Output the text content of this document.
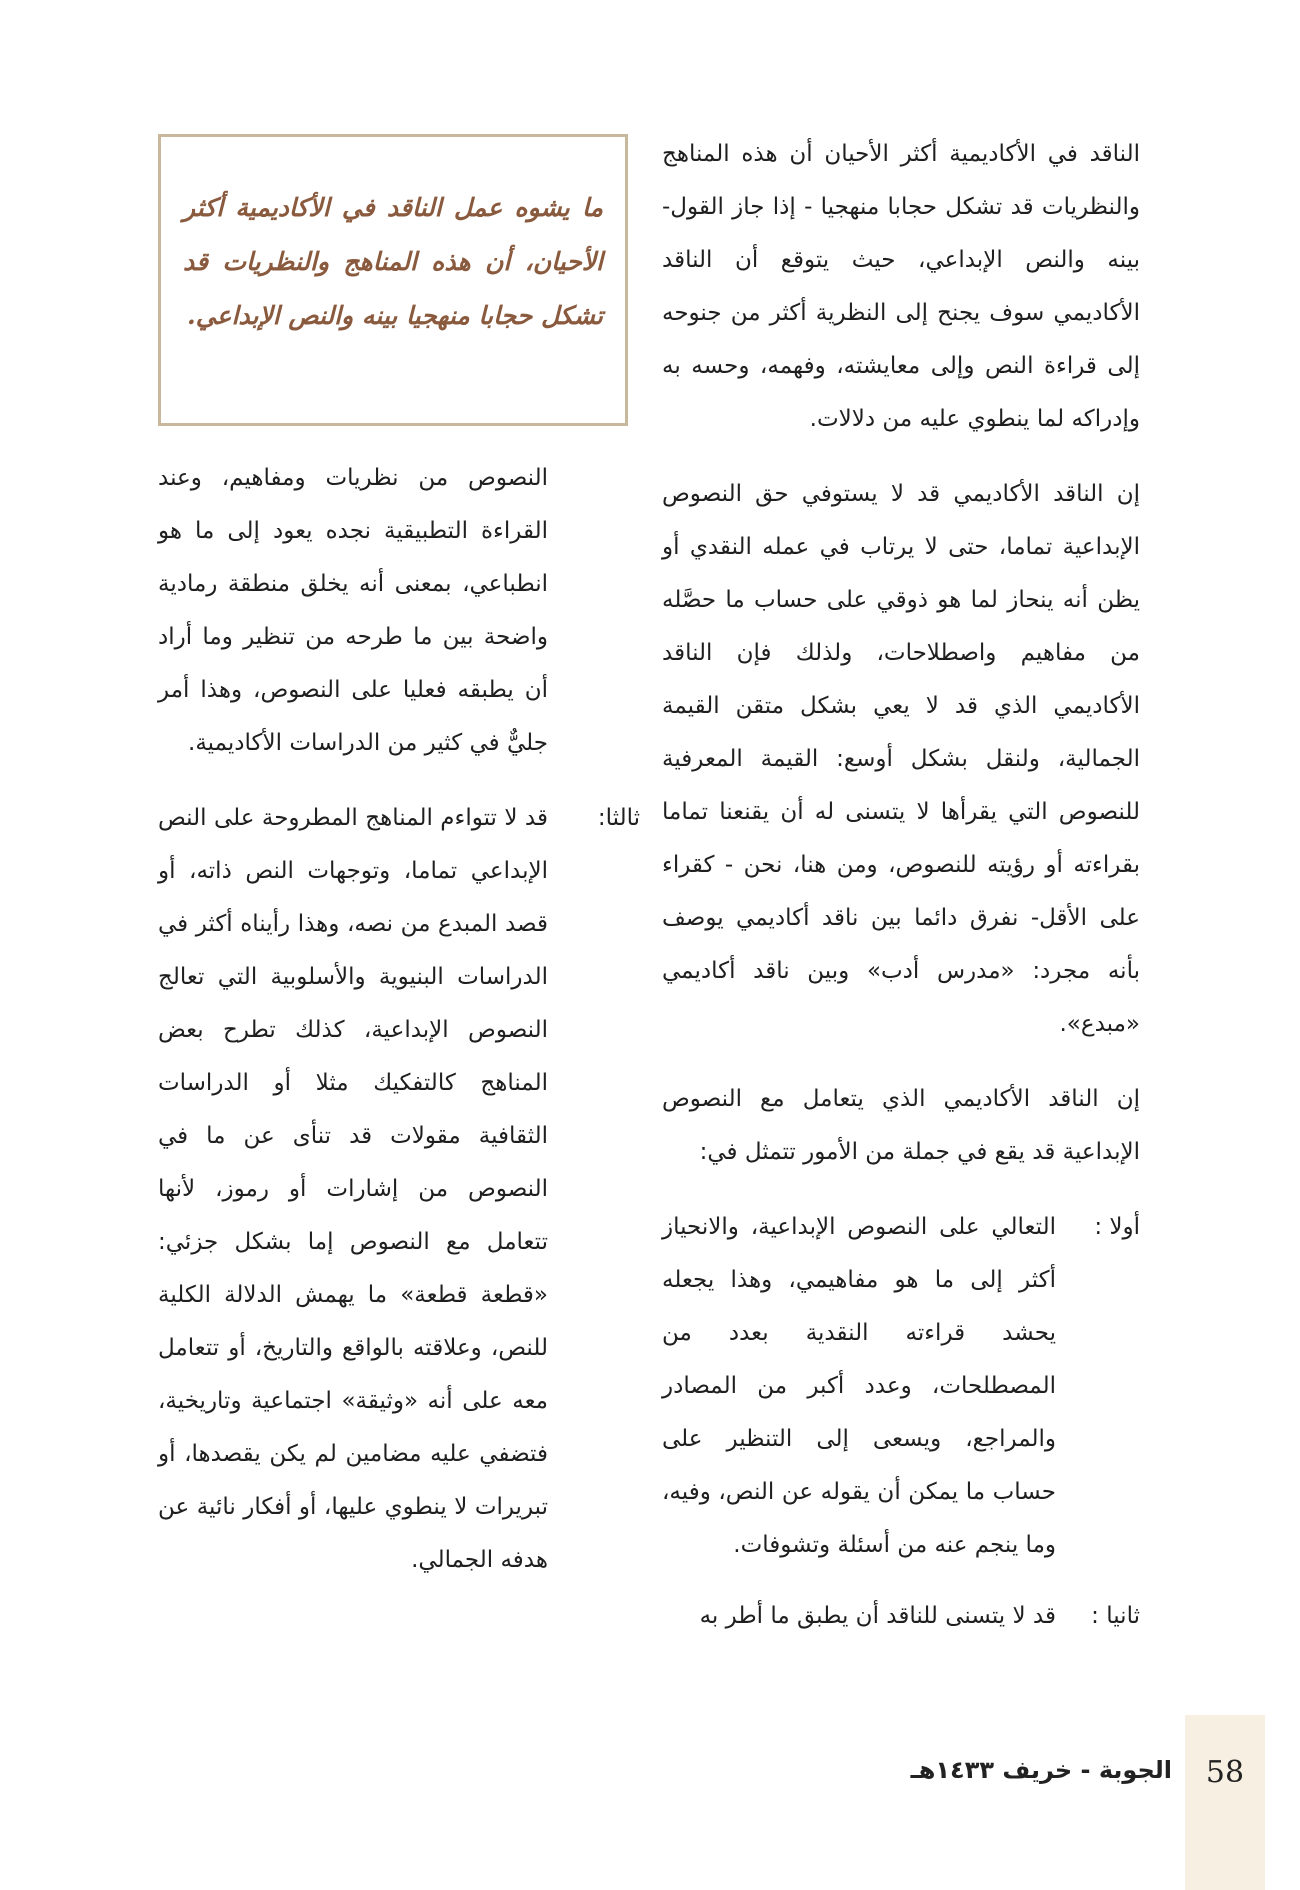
الناقد في الأكاديمية أكثر الأحيان أن هذه المناهج والنظريات قد تشكل حجابا منهجيا - إذا جاز القول- بينه والنص الإبداعي، حيث يتوقع أن الناقد الأكاديمي سوف يجنح إلى النظرية أكثر من جنوحه إلى قراءة النص وإلى معايشته، وفهمه، وحسه به وإدراكه لما ينطوي عليه من دلالات.

إن الناقد الأكاديمي قد لا يستوفي حق النصوص الإبداعية تماما، حتى لا يرتاب في عمله النقدي أو يظن أنه ينحاز لما هو ذوقي على حساب ما حصَّله من مفاهيم واصطلاحات، ولذلك فإن الناقد الأكاديمي الذي قد لا يعي بشكل متقن القيمة الجمالية، ولنقل بشكل أوسع: القيمة المعرفية للنصوص التي يقرأها لا يتسنى له أن يقنعنا تماما بقراءته أو رؤيته للنصوص، ومن هنا، نحن - كقراء على الأقل- نفرق دائما بين ناقد أكاديمي يوصف بأنه مجرد: «مدرس أدب» وبين ناقد أكاديمي «مبدع».

إن الناقد الأكاديمي الذي يتعامل مع النصوص الإبداعية قد يقع في جملة من الأمور تتمثل في:

أولا :

التعالي على النصوص الإبداعية، والانحياز أكثر إلى ما هو مفاهيمي، وهذا يجعله يحشد قراءته النقدية بعدد من المصطلحات، وعدد أكبر من المصادر والمراجع، ويسعى إلى التنظير على حساب ما يمكن أن يقوله عن النص، وفيه، وما ينجم عنه من أسئلة وتشوفات.

ثانيا :

قد لا يتسنى للناقد أن يطبق ما أطر به

ما يشوه عمل الناقد في الأكاديمية أكثر الأحيان، أن هذه المناهج والنظريات قد تشكل حجابا منهجيا بينه والنص الإبداعي.

النصوص من نظريات ومفاهيم، وعند القراءة التطبيقية نجده يعود إلى ما هو انطباعي، بمعنى أنه يخلق منطقة رمادية واضحة بين ما طرحه من تنظير وما أراد أن يطبقه فعليا على النصوص، وهذا أمر جليٌّ في كثير من الدراسات الأكاديمية.

ثالثا:

قد لا تتواءم المناهج المطروحة على النص الإبداعي تماما، وتوجهات النص ذاته، أو قصد المبدع من نصه، وهذا رأيناه أكثر في الدراسات البنيوية والأسلوبية التي تعالج النصوص الإبداعية، كذلك تطرح بعض المناهج كالتفكيك مثلا أو الدراسات الثقافية مقولات قد تنأى عن ما في النصوص من إشارات أو رموز، لأنها تتعامل مع النصوص إما بشكل جزئي: «قطعة قطعة» ما يهمش الدلالة الكلية للنص، وعلاقته بالواقع والتاريخ، أو تتعامل معه على أنه «وثيقة» اجتماعية وتاريخية، فتضفي عليه مضامين لم يكن يقصدها، أو تبريرات لا ينطوي عليها، أو أفكار نائية عن هدفه الجمالي.

58
الجوبة - خريف ١٤٣٣هـ
